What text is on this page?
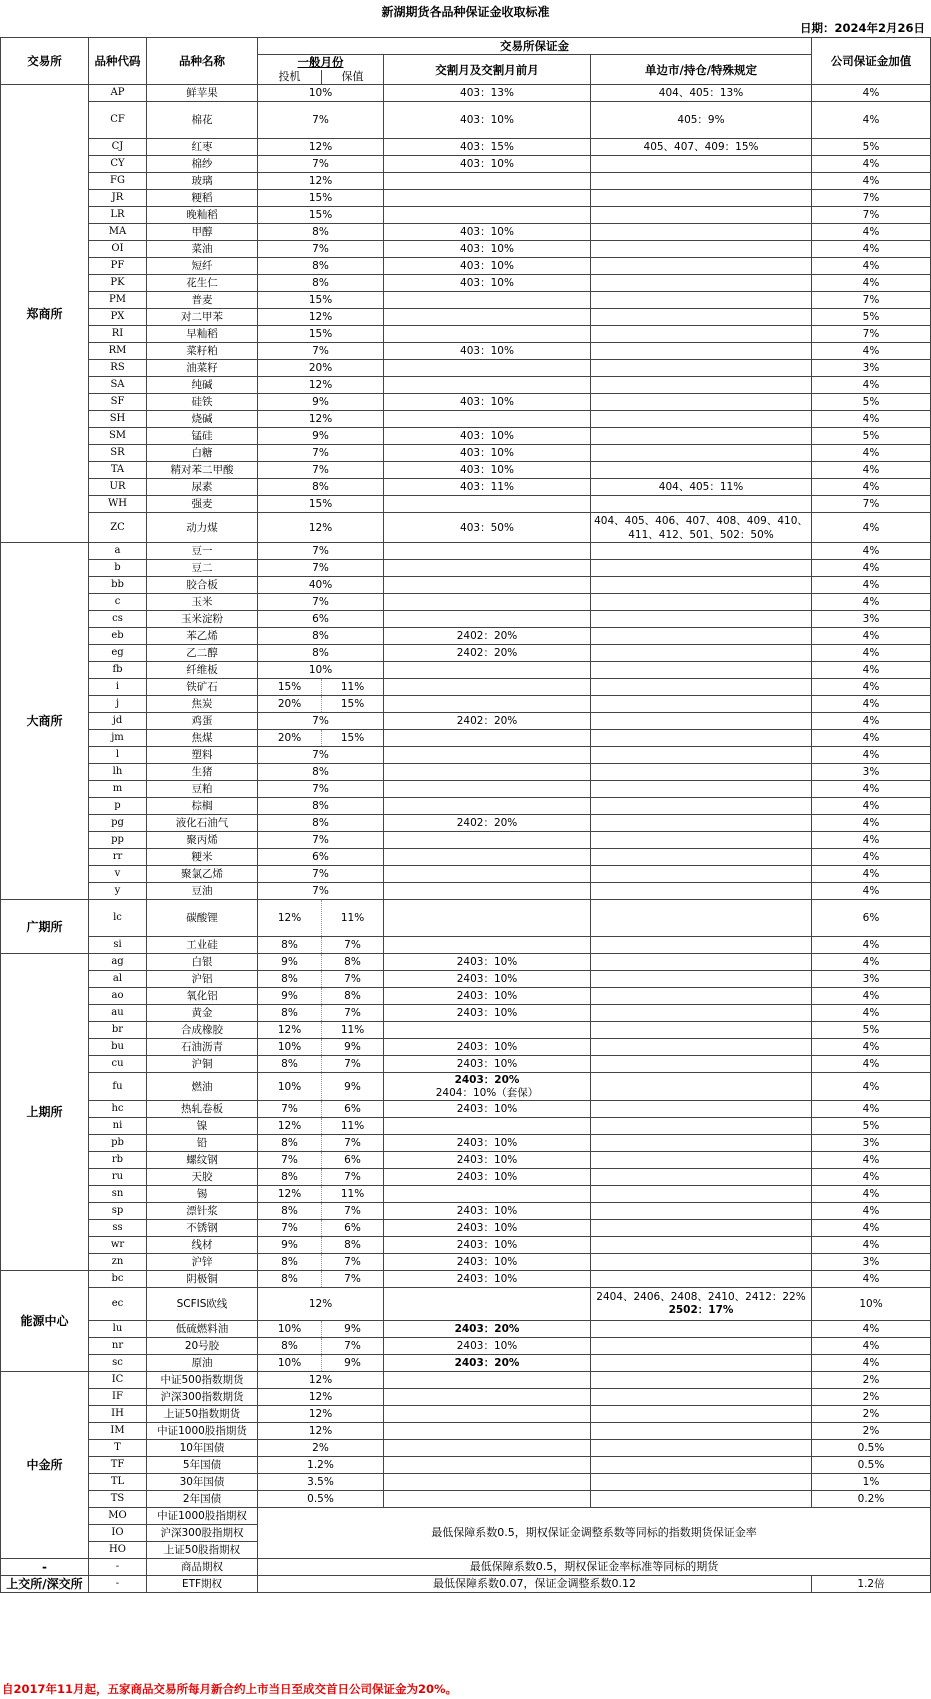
新湖期货各品种保证金收取标准
日期：2024年2月26日
交易所	品种代码	品种名称	交易所保证金				公司保证金加值
			一般月份		交割月及交割月前月	单边市/持仓/特殊规定	
			投机	保值			
郑商所	AP	鲜苹果	10%		403：13%	404、405：13%	4%
	CF	棉花	7%		403：10%	405：9%	4%
	CJ	红枣	12%		403：15%	405、407、409：15%	5%
	CY	棉纱	7%		403：10%		4%
	FG	玻璃	12%				4%
	JR	粳稻	15%				7%
	LR	晚籼稻	15%				7%
	MA	甲醇	8%		403：10%		4%
	OI	菜油	7%		403：10%		4%
	PF	短纤	8%		403：10%		4%
	PK	花生仁	8%		403：10%		4%
	PM	普麦	15%				7%
	PX	对二甲苯	12%				5%
	RI	早籼稻	15%				7%
	RM	菜籽粕	7%		403：10%		4%
	RS	油菜籽	20%				3%
	SA	纯碱	12%				4%
	SF	硅铁	9%		403：10%		5%
	SH	烧碱	12%				4%
	SM	锰硅	9%		403：10%		5%
	SR	白糖	7%		403：10%		4%
	TA	精对苯二甲酸	7%		403：10%		4%
	UR	尿素	8%		403：11%	404、405：11%	4%
	WH	强麦	15%				7%
	ZC	动力煤	12%		403：50%	404、405、406、407、408、409、410、411、412、501、502：50%	4%
大商所	a	豆一	7%				4%
	b	豆二	7%				4%
	bb	胶合板	40%				4%
	c	玉米	7%				4%
	cs	玉米淀粉	6%				3%
	eb	苯乙烯	8%		2402：20%		4%
	eg	乙二醇	8%		2402：20%		4%
	fb	纤维板	10%				4%
	i	铁矿石	15%	11%			4%
	j	焦炭	20%	15%			4%
	jd	鸡蛋	7%		2402：20%		4%
	jm	焦煤	20%	15%			4%
	l	塑料	7%				4%
	lh	生猪	8%				3%
	m	豆粕	7%				4%
	p	棕榈	8%				4%
	pg	液化石油气	8%		2402：20%		4%
	pp	聚丙烯	7%				4%
	rr	粳米	6%				4%
	v	聚氯乙烯	7%				4%
	y	豆油	7%				4%
广期所	lc	碳酸锂	12%	11%			6%
	si	工业硅	8%	7%			4%
上期所	ag	白银	9%	8%	2403：10%		4%
	al	沪铝	8%	7%	2403：10%		3%
	ao	氧化铝	9%	8%	2403：10%		4%
	au	黄金	8%	7%	2403：10%		4%
	br	合成橡胶	12%	11%			5%
	bu	石油沥青	10%	9%	2403：10%		4%
	cu	沪铜	8%	7%	2403：10%		4%
	fu	燃油	10%	9%	2403：20%
2404：10%（套保）		4%
	hc	热轧卷板	7%	6%	2403：10%		4%
	ni	镍	12%	11%			5%
	pb	铅	8%	7%	2403：10%		3%
	rb	螺纹钢	7%	6%	2403：10%		4%
	ru	天胶	8%	7%	2403：10%		4%
	sn	锡	12%	11%			4%
	sp	漂针浆	8%	7%	2403：10%		4%
	ss	不锈钢	7%	6%	2403：10%		4%
	wr	线材	9%	8%	2403：10%		4%
	zn	沪锌	8%	7%	2403：10%		3%
能源中心	bc	阴极铜	8%	7%	2403：10%		4%
	ec	SCFIS欧线	12%			2404、2406、2408、2410、2412：22%
2502：17%	10%
	lu	低硫燃料油	10%	9%	2403：20%		4%
	nr	20号胶	8%	7%	2403：10%		4%
	sc	原油	10%	9%	2403：20%		4%
中金所	IC	中证500指数期货	12%				2%
	IF	沪深300指数期货	12%				2%
	IH	上证50指数期货	12%				2%
	IM	中证1000股指期货	12%				2%
	T	10年国债	2%				0.5%
	TF	5年国债	1.2%				0.5%
	TL	30年国债	3.5%				1%
	TS	2年国债	0.5%				0.2%
	MO	中证1000股指期权	最低保障系数0.5，期权保证金调整系数等同标的指数期货保证金率				
	IO	沪深300股指期权					
	HO	上证50股指期权					
-	-	商品期权	最低保障系数0.5，期权保证金率标准等同标的期货				
上交所/深交所	-	ETF期权	最低保障系数0.07，保证金调整系数0.12				1.2倍
自2017年11月起，五家商品交易所每月新合约上市当日至成交首日公司保证金为20%。
